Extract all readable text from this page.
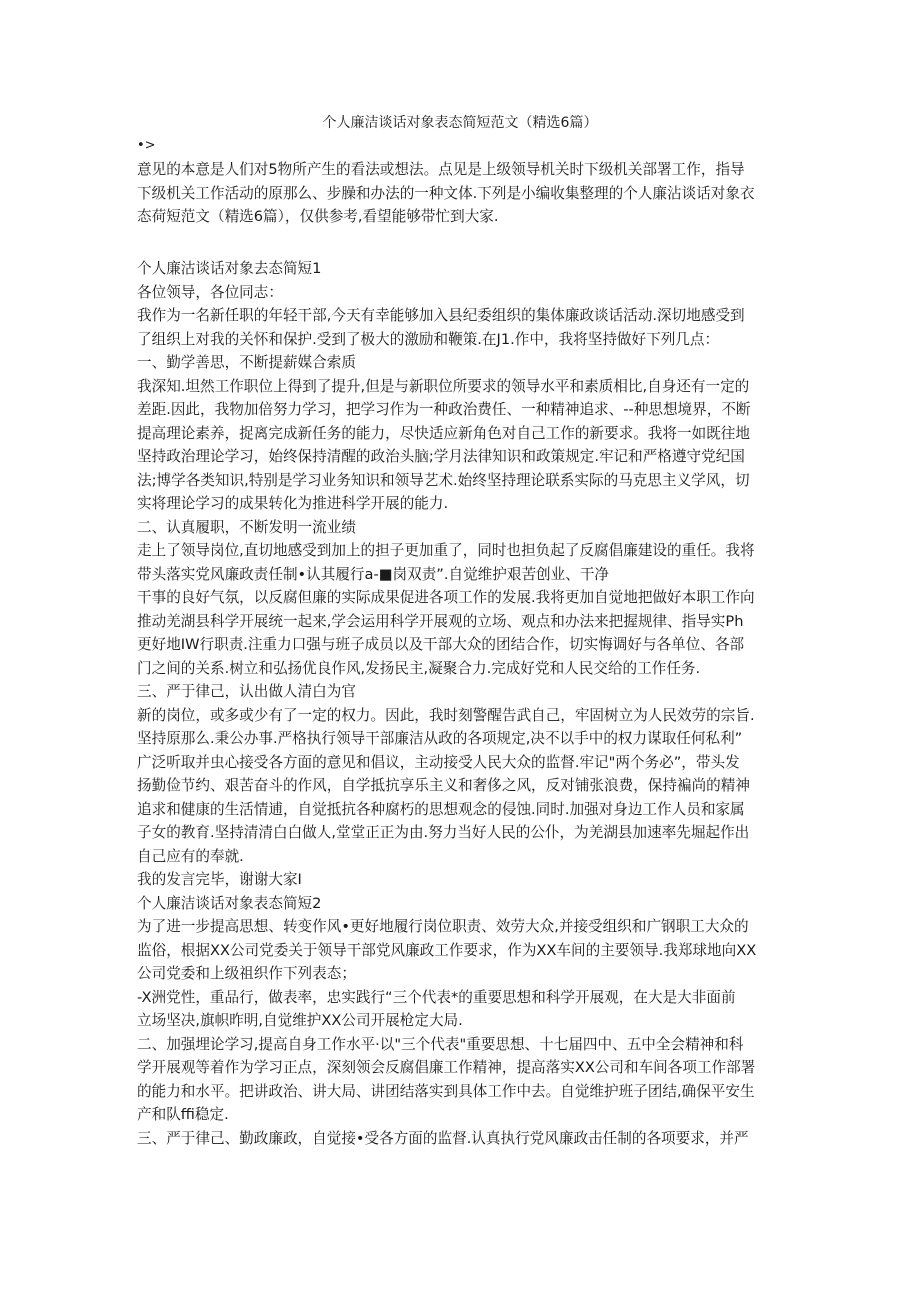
个人廉洁谈话对象表态简短范文（精选6篇）
•>
意见的本意是人们对5物所产生的看法或想法。点见是上级领导机关时下级机关部署工作，指导
下级机关工作活动的原那么、步臊和办法的一种文体.下列是小编收集整理的个人廉沾谈话对象衣
态荷短范文（精选6篇），仅供参考,看望能够带忙到大家.
个人廉沽谈话对象去态简短1
各位领导，各位同志：
我作为一名新任职的年轻干部,今天有幸能够加入县纪委组织的集体廉政谈话活动.深切地感受到
了组织上对我的关怀和保护.受到了极大的激励和鞭策.在J1.作中，我将坚持做好下列几点：
一、勤学善思，不断提薪媒合索质
我深知.坦然工作职位上得到了提升,但是与新职位所要求的领导水平和素质相比,自身还有一定的
差距.因此，我物加倍努力学习，把学习作为一种政治费任、一种精神追求、--种思想境界，不断
提高理论素养，捉离完成新任务的能力，尽快适应新角色对自己工作的新要求。我将一如既往地
坚持政治理论学习，始终保持清醒的政治头脑;学月法律知识和政策规定.牢记和严格遵守党纪国
法;博学各类知识,特别是学习业务知识和领导艺术.始终坚持理论联系实际的马克思主义学风，切
实将理论学习的成果转化为推进科学开展的能力.
二、认真履职，不断发明一流业绩
走上了领导岗位,直切地感受到加上的担子更加重了，同时也担负起了反腐倡廉建设的重任。我将
带头落实党风廉政责任制•认其履行a-■岗双责”.自觉维护艰苦创业、干净
干事的良好气氛，以反腐但廉的实际成果促进各项工作的发展.我将更加自觉地把做好本职工作向
推动羌湖县科学开展统一起来,学会运用科学开展观的立场、观点和办法来把握规律、指导实Ph
更好地IW行职责.注重力口强与班子成员以及干部大众的团结合作，切实悔调好与各单位、各部
门之间的关系.树立和弘扬优良作风,发扬民主,凝聚合力.完成好党和人民交给的工作任务.
三、严于律己，认出做人清白为官
新的岗位，或多或少有了一定的权力。因此，我时刻警醒告武自己，牢固树立为人民效劳的宗旨.
坚持原那么.秉公办事.严格执行领导干部廉洁从政的各项规定,决不以手中的权力谋取任何私利”
广泛听取并虫心接受各方面的意见和倡议，主动接受人民大众的监督.牢记"两个务必”，带头发
扬勤俭节约、艰苦奋斗的作风，自学抵抗享乐主义和奢侈之风，反对铺张浪费，保持褊尚的精神
追求和健康的生活情逋，自觉抵抗各种腐朽的思想观念的侵蚀.同时.加强对身边工作人员和家属
子女的教育.坚持清清白白做人,堂堂正正为由.努力当好人民的公仆，为羌湖县加速率先堀起作出
自己应有的奉就.
我的发言完毕，谢谢大家I
个人廉洁谈话对象表态简短2
为了进一步提高思想、转变作风•更好地履行岗位职责、效劳大众,并接受组织和广钢职工大众的
监俗，根据XX公司党委关于领导干部党风廉政工作要求，作为XX车间的主要领导.我郑球地向XX
公司党委和上级祖织作下列表态；
-X洲党性，重品行，做表率，忠实践行“三个代表*的重要思想和科学开展观，在大是大非面前
立场坚决,旗帜昨明,自觉维护XX公司开展枪定大局.
二、加强埋论学习,提高自身工作水平·以"三个代表"重要思想、十七届四中、五中全会精神和科
学开展观等着作为学习正点，深刻领会反腐倡廉工作精神，提高落实XX公司和车间各项工作部署
的能力和水平。把讲政治、讲大局、讲团结落实到具体工作中去。自觉维护班子团结,确保平安生
产和队ffi稳定.
三、严于律己、勤政廉政，自觉接•受各方面的监督.认真执行党风廉政击任制的各项要求，并严
